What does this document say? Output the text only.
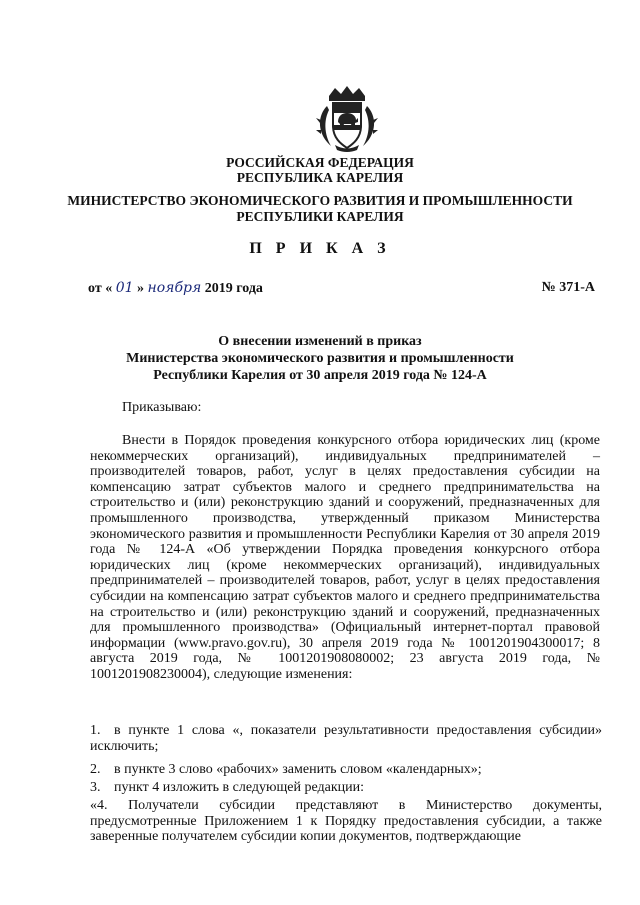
РОССИЙСКАЯ ФЕДЕРАЦИЯ
РЕСПУБЛИКА КАРЕЛИЯ
МИНИСТЕРСТВО ЭКОНОМИЧЕСКОГО РАЗВИТИЯ И ПРОМЫШЛЕННОСТИ
РЕСПУБЛИКИ КАРЕЛИЯ
П Р И К А З
от « 01 » ноября 2019 года	№ 371-А
О внесении изменений в приказ
Министерства экономического развития и промышленности
Республики Карелия от 30 апреля 2019 года № 124-А
Приказываю:
Внести в Порядок проведения конкурсного отбора юридических лиц (кроме некоммерческих организаций), индивидуальных предпринимателей – производителей товаров, работ, услуг в целях предоставления субсидии на компенсацию затрат субъектов малого и среднего предпринимательства на строительство и (или) реконструкцию зданий и сооружений, предназначенных для промышленного производства, утвержденный приказом Министерства экономического развития и промышленности Республики Карелия от 30 апреля 2019 года № 124-А «Об утверждении Порядка проведения конкурсного отбора юридических лиц (кроме некоммерческих организаций), индивидуальных предпринимателей – производителей товаров, работ, услуг в целях предоставления субсидии на компенсацию затрат субъектов малого и среднего предпринимательства на строительство и (или) реконструкцию зданий и сооружений, предназначенных для промышленного производства» (Официальный интернет-портал правовой информации (www.pravo.gov.ru), 30 апреля 2019 года № 1001201904300017; 8 августа 2019 года, № 1001201908080002; 23 августа 2019 года, № 1001201908230004), следующие изменения:
1. в пункте 1 слова «, показатели результативности предоставления субсидии» исключить;
2. в пункте 3 слово «рабочих» заменить словом «календарных»;
3. пункт 4 изложить в следующей редакции:
«4. Получатели субсидии представляют в Министерство документы, предусмотренные Приложением 1 к Порядку предоставления субсидии, а также заверенные получателем субсидии копии документов, подтверждающие
